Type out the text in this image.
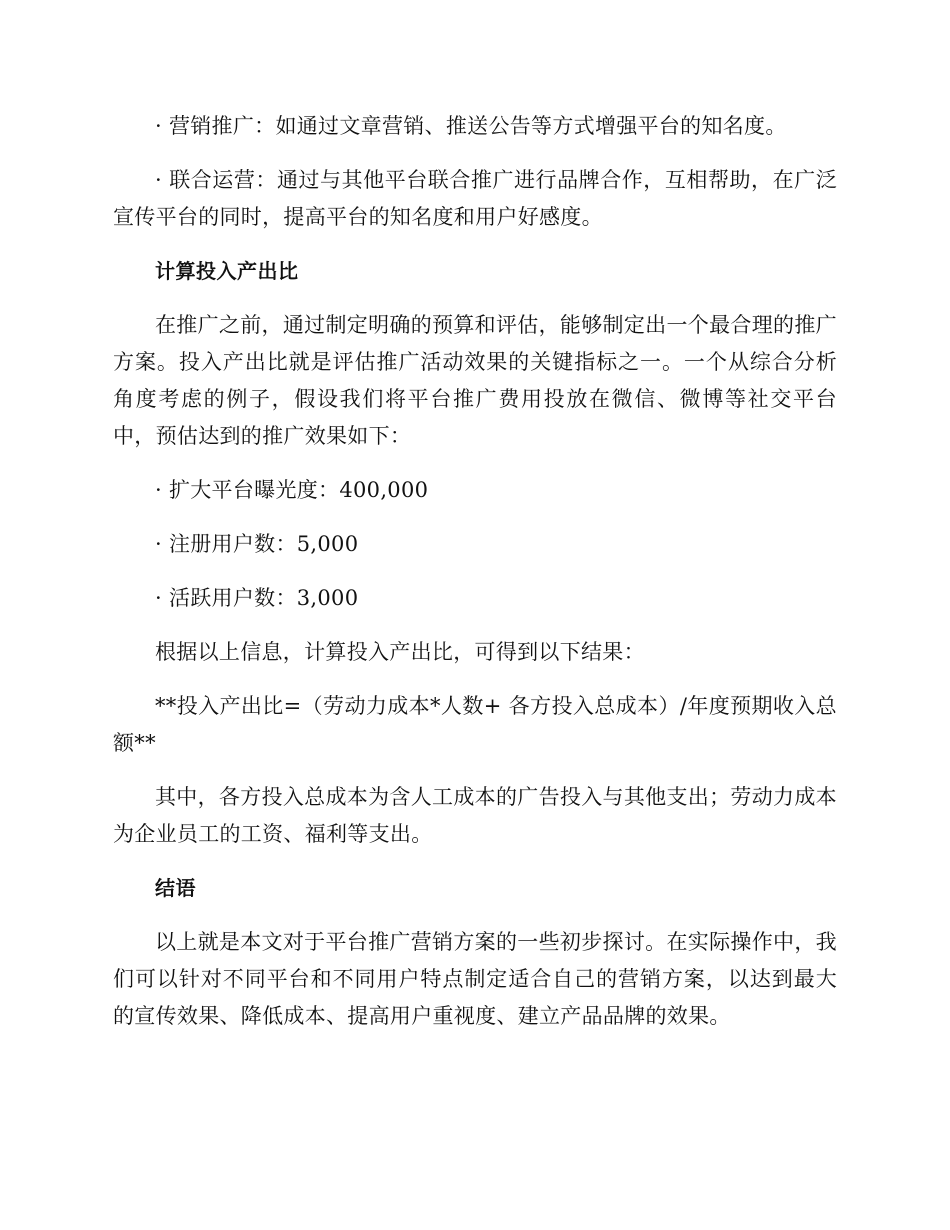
· 营销推广：如通过文章营销、推送公告等方式增强平台的知名度。

· 联合运营：通过与其他平台联合推广进行品牌合作，互相帮助，在广泛宣传平台的同时，提高平台的知名度和用户好感度。

计算投入产出比

在推广之前，通过制定明确的预算和评估，能够制定出一个最合理的推广方案。投入产出比就是评估推广活动效果的关键指标之一。一个从综合分析角度考虑的例子，假设我们将平台推广费用投放在微信、微博等社交平台中，预估达到的推广效果如下：

· 扩大平台曝光度：400,000

· 注册用户数：5,000

· 活跃用户数：3,000

根据以上信息，计算投入产出比，可得到以下结果：

**投入产出比=（劳动力成本*人数+ 各方投入总成本）/年度预期收入总额**

其中，各方投入总成本为含人工成本的广告投入与其他支出；劳动力成本为企业员工的工资、福利等支出。

结语

以上就是本文对于平台推广营销方案的一些初步探讨。在实际操作中，我们可以针对不同平台和不同用户特点制定适合自己的营销方案，以达到最大的宣传效果、降低成本、提高用户重视度、建立产品品牌的效果。
